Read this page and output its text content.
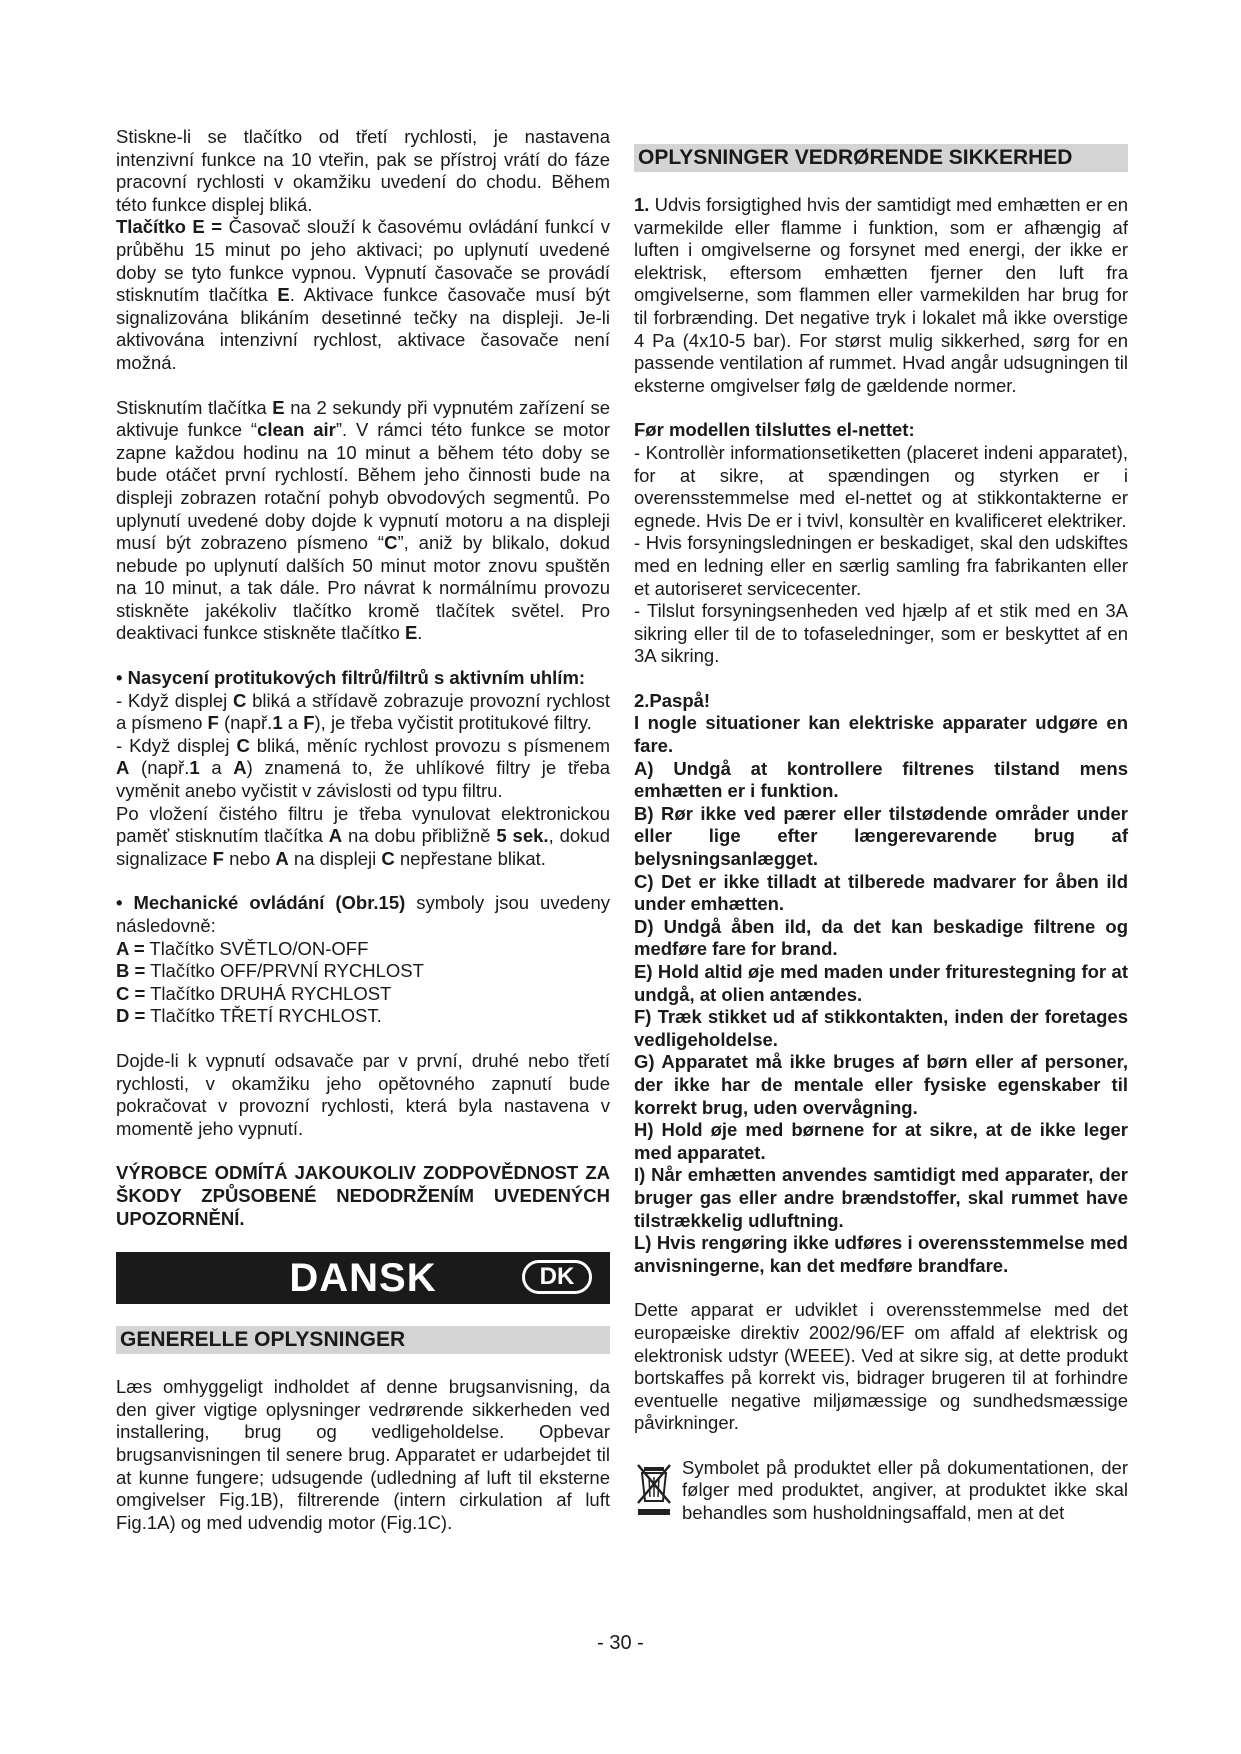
Stiskne-li se tlačítko od třetí rychlosti, je nastavena intenzivní funkce na 10 vteřin, pak se přístroj vrátí do fáze pracovní rychlosti v okamžiku uvedení do chodu. Během této funkce displej bliká.

Tlačítko E = Časovač slouží k časovému ovládání funkcí v průběhu 15 minut po jeho aktivaci; po uplynutí uvedené doby se tyto funkce vypnou. Vypnutí časovače se provádí stisknutím tlačítka E. Aktivace funkce časovače musí být signalizována blikáním desetinné tečky na displeji. Je-li aktivována intenzivní rychlost, aktivace časovače není možná.

Stisknutím tlačítka E na 2 sekundy při vypnutém zařízení se aktivuje funkce “clean air”. V rámci této funkce se motor zapne každou hodinu na 10 minut a během této doby se bude otáčet první rychlostí. Během jeho činnosti bude na displeji zobrazen rotační pohyb obvodových segmentů. Po uplynutí uvedené doby dojde k vypnutí motoru a na displeji musí být zobrazeno písmeno “C”, aniž by blikalo, dokud nebude po uplynutí dalších 50 minut motor znovu spuštěn na 10 minut, a tak dále. Pro návrat k normálnímu provozu stiskněte jakékoliv tlačítko kromě tlačítek světel. Pro deaktivaci funkce stiskněte tlačítko E.

• Nasycení protitukových filtrů/filtrů s aktivním uhlím:

- Když displej C bliká a střídavě zobrazuje provozní rychlost a písmeno F (např.1 a F), je třeba vyčistit protitukové filtry.

- Když displej C bliká, měníc rychlost provozu s písmenem A (např.1 a A) znamená to, že uhlíkové filtry je třeba vyměnit anebo vyčistit v závislosti od typu filtru.

Po vložení čistého filtru je třeba vynulovat elektronickou paměť stisknutím tlačítka A na dobu přibližně 5 sek., dokud signalizace F nebo A na displeji C nepřestane blikat.

• Mechanické ovládání (Obr.15) symboly jsou uvedeny následovně:

A = Tlačítko SVĚTLO/ON-OFF

B = Tlačítko OFF/PRVNÍ RYCHLOST

C = Tlačítko DRUHÁ RYCHLOST

D = Tlačítko TŘETÍ RYCHLOST.

Dojde-li k vypnutí odsavače par v první, druhé nebo třetí rychlosti, v okamžiku jeho opětovného zapnutí bude pokračovat v provozní rychlosti, která byla nastavena v momentě jeho vypnutí.

VÝROBCE ODMÍTÁ JAKOUKOLIV ZODPOVĚDNOST ZA ŠKODY ZPŮSOBENÉ NEDODRŽENÍM UVEDENÝCH UPOZORNĚNÍ.

DANSK	DK

GENERELLE OPLYSNINGER

Læs omhyggeligt indholdet af denne brugsanvisning, da den giver vigtige oplysninger vedrørende sikkerheden ved installering, brug og vedligeholdelse. Opbevar brugsanvisningen til senere brug. Apparatet er udarbejdet til at kunne fungere; udsugende (udledning af luft til eksterne omgivelser Fig.1B), filtrerende (intern cirkulation af luft Fig.1A) og med udvendig motor (Fig.1C).

OPLYSNINGER VEDRØRENDE SIKKERHED

1. Udvis forsigtighed hvis der samtidigt med emhætten er en varmekilde eller flamme i funktion, som er afhængig af luften i omgivelserne og forsynet med energi, der ikke er elektrisk, eftersom emhætten fjerner den luft fra omgivelserne, som flammen eller varmekilden har brug for til forbrænding. Det negative tryk i lokalet må ikke overstige 4 Pa (4x10-5 bar). For størst mulig sikkerhed, sørg for en passende ventilation af rummet. Hvad angår udsugningen til eksterne omgivelser følg de gældende normer.

Før modellen tilsluttes el-nettet:

- Kontrollèr informationsetiketten (placeret indeni apparatet), for at sikre, at spændingen og styrken er i overensstemmelse med el-nettet og at stikkontakterne er egnede. Hvis De er i tvivl, konsultèr en kvalificeret elektriker.

- Hvis forsyningsledningen er beskadiget, skal den udskiftes med en ledning eller en særlig samling fra fabrikanten eller et autoriseret servicecenter.

- Tilslut forsyningsenheden ved hjælp af et stik med en 3A sikring eller til de to tofaseledninger, som er beskyttet af en 3A sikring.

2.Paspå!

I nogle situationer kan elektriske apparater udgøre en fare.

A) Undgå at kontrollere filtrenes tilstand mens emhætten er i funktion.

B) Rør ikke ved pærer eller tilstødende områder under eller lige efter længerevarende brug af belysningsanlægget.

C) Det er ikke tilladt at tilberede madvarer for åben ild under emhætten.

D) Undgå åben ild, da det kan beskadige filtrene og medføre fare for brand.

E) Hold altid øje med maden under friturestegning for at undgå, at olien antændes.

F) Træk stikket ud af stikkontakten, inden der foretages vedligeholdelse.

G) Apparatet må ikke bruges af børn eller af personer, der ikke har de mentale eller fysiske egenskaber til korrekt brug, uden overvågning.

H) Hold øje med børnene for at sikre, at de ikke leger med apparatet.

I) Når emhætten anvendes samtidigt med apparater, der bruger gas eller andre brændstoffer, skal rummet have tilstrækkelig udluftning.

L) Hvis rengøring ikke udføres i overensstemmelse med anvisningerne, kan det medføre brandfare.

Dette apparat er udviklet i overensstemmelse med det europæiske direktiv 2002/96/EF om affald af elektrisk og elektronisk udstyr (WEEE). Ved at sikre sig, at dette produkt bortskaffes på korrekt vis, bidrager brugeren til at forhindre eventuelle negative miljømæssige og sundhedsmæssige påvirkninger.

Symbolet på produktet eller på dokumentationen, der følger med produktet, angiver, at produktet ikke skal behandles som husholdningsaffald, men at det

- 30 -
